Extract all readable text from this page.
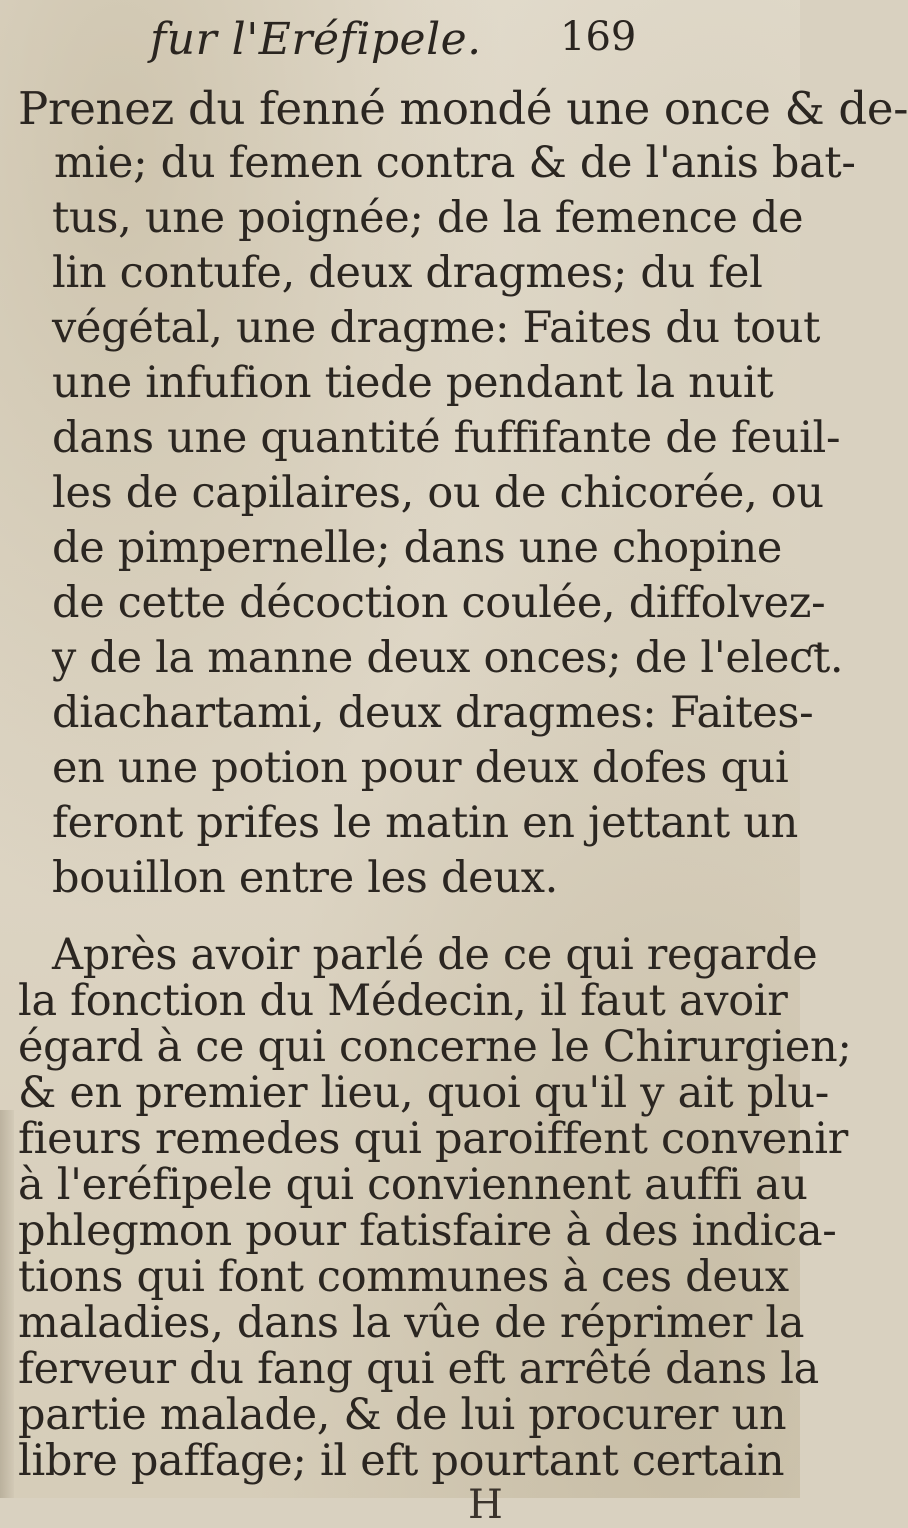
fur l'Eréfipele. 169
Prenez du fenné mondé une once & de-
mie; du femen contra & de l'anis bat-
tus, une poignée; de la femence de
lin contufe, deux dragmes; du fel
végétal, une dragme: Faites du tout
une infufion tiede pendant la nuit
dans une quantité fuffifante de feuil-
les de capilaires, ou de chicorée, ou
de pimpernelle; dans une chopine
de cette décoction coulée, diffolvez-
y de la manne deux onces; de l'eleƈt.
diachartami, deux dragmes: Faites-
en une potion pour deux dofes qui
feront prifes le matin en jettant un
bouillon entre les deux.
Après avoir parlé de ce qui regarde
la fonction du Médecin, il faut avoir
égard à ce qui concerne le Chirurgien;
& en premier lieu, quoi qu'il y ait plu-
fieurs remedes qui paroiffent convenir
à l'eréfipele qui conviennent auffi au
phlegmon pour fatisfaire à des indica-
tions qui font communes à ces deux
maladies, dans la vûe de réprimer la
ferveur du fang qui eft arrêté dans la
partie malade, & de lui procurer un
libre paffage; il eft pourtant certain
H
